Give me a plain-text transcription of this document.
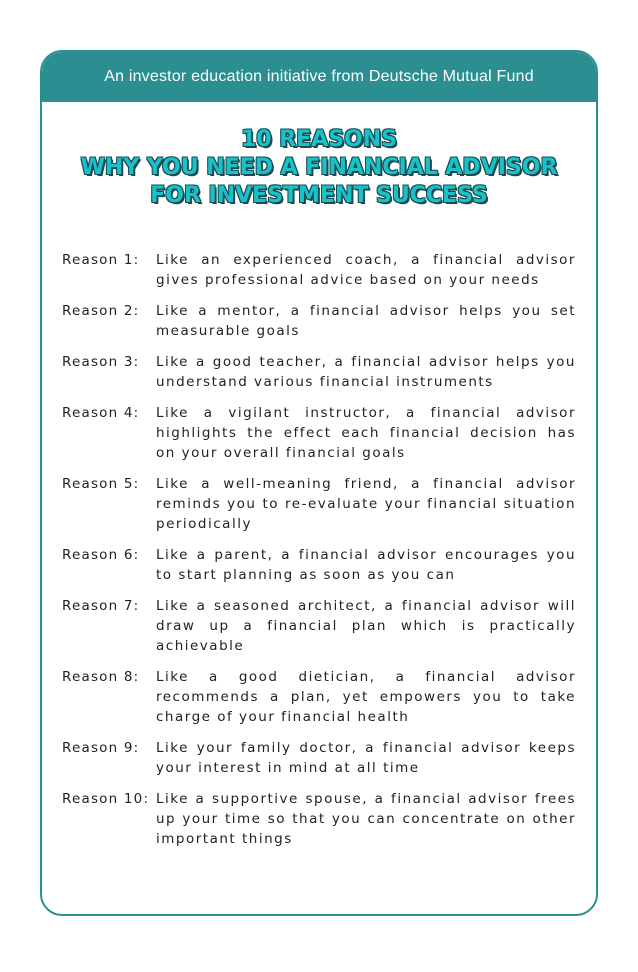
An investor education initiative from Deutsche Mutual Fund
10 REASONS
WHY YOU NEED A FINANCIAL ADVISOR
FOR INVESTMENT SUCCESS
Reason 1:	Like an experienced coach, a financial advisor gives professional advice based on your needs
Reason 2:	Like a mentor, a financial advisor helps you set measurable goals
Reason 3:	Like a good teacher, a financial advisor helps you understand various financial instruments
Reason 4:	Like a vigilant instructor, a financial advisor highlights the effect each financial decision has on your overall financial goals
Reason 5:	Like a well-meaning friend, a financial advisor reminds you to re-evaluate your financial situation periodically
Reason 6:	Like a parent, a financial advisor encourages you to start planning as soon as you can
Reason 7:	Like a seasoned architect, a financial advisor will draw up a financial plan which is practically achievable
Reason 8:	Like a good dietician, a financial advisor recommends a plan, yet empowers you to take charge of your financial health
Reason 9:	Like your family doctor, a financial advisor keeps your interest in mind at all time
Reason 10: Like a supportive spouse, a financial advisor frees up your time so that you can concentrate on other important things
